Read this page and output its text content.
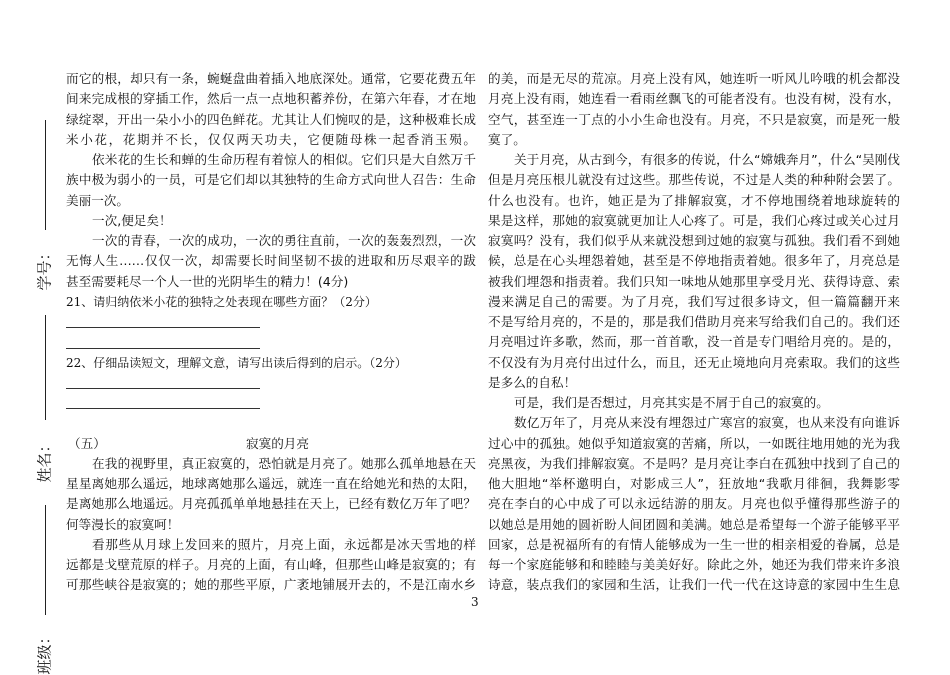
学号：
姓名：
班级：
而它的根，却只有一条，蜿蜒盘曲着插入地底深处。通常，它要花费五年
间来完成根的穿插工作，然后一点一点地积蓄养份，在第六年春，才在地
绿绽翠，开出一朵小小的四色鲜花。尤其让人们惋叹的是，这种极难长成
米小花，花期并不长，仅仅两天功夫，它便随母株一起香消玉殒。
依米花的生长和蝉的生命历程有着惊人的相似。它们只是大自然万千
族中极为弱小的一员，可是它们却以其独特的生命方式向世人召告：生命
美丽一次。
一次,便足矣！
一次的青春，一次的成功，一次的勇往直前，一次的轰轰烈烈，一次
无悔人生……仅仅一次，却需要长时间坚韧不拔的进取和历尽艰辛的跋
甚至需要耗尽一个人一世的光阴毕生的精力！(4分)
21、请归纳依米小花的独特之处表现在哪些方面？（2分）
22、仔细品读短文，理解文意，请写出读后得到的启示。（2分）
（五）	寂寞的月亮
在我的视野里，真正寂寞的，恐怕就是月亮了。她那么孤单地悬在天
星星离她那么遥远，地球离她那么遥远，就连一直在给她光和热的太阳，
是离她那么地遥远。月亮孤孤单单地悬挂在天上，已经有数亿万年了吧？
何等漫长的寂寞呵！
看那些从月球上发回来的照片，月亮上面，永远都是冰天雪地的样
远都是戈壁荒原的样子。月亮的上面，有山峰，但那些山峰是寂寞的；有
可那些峡谷是寂寞的；她的那些平原，广袤地铺展开去的，不是江南水乡
的美，而是无尽的荒凉。月亮上没有风，她连听一听风儿吟哦的机会都没
月亮上没有雨，她连看一看雨丝飘飞的可能者没有。也没有树，没有水，
空气，甚至连一丁点的小小生命也没有。月亮，不只是寂寞，而是死一般
寞了。
关于月亮，从古到今，有很多的传说，什么“嫦娥奔月”，什么“吴刚伐
但是月亮压根儿就没有过这些。那些传说，不过是人类的种种附会罢了。
什么也没有。也许，她正是为了排解寂寞，才不停地围绕着地球旋转的
果是这样，那她的寂寞就更加让人心疼了。可是，我们心疼过或关心过月
寂寞吗？没有，我们似乎从来就没想到过她的寂寞与孤独。我们看不到她
候，总是在心头埋怨着她，甚至是不停地指责着她。很多年了，月亮总是
被我们埋怨和指责着。我们只知一味地从她那里享受月光、获得诗意、索
漫来满足自己的需要。为了月亮，我们写过很多诗文，但一篇篇翻开来
不是写给月亮的，不是的，那是我们借助月亮来写给我们自己的。我们还
月亮唱过许多歌，然而，那一首首歌，没一首是专门唱给月亮的。是的，
不仅没有为月亮付出过什么，而且，还无止境地向月亮索取。我们的这些
是多么的自私！
可是，我们是否想过，月亮其实是不屑于自己的寂寞的。
数亿万年了，月亮从来没有埋怨过广寒宫的寂寞，也从来没有向谁诉
过心中的孤独。她似乎知道寂寞的苦痛，所以，一如既往地用她的光为我
亮黑夜，为我们排解寂寞。不是吗？是月亮让李白在孤独中找到了自己的
他大胆地“举杯邀明白，对影成三人”，狂放地“我歌月徘徊，我舞影零
亮在李白的心中成了可以永远结游的朋友。月亮也似乎懂得那些游子的
以她总是用她的圆祈盼人间团圆和美满。她总是希望每一个游子能够平平
回家，总是祝福所有的有情人能够成为一生一世的相亲相爱的眷属，总是
每一个家庭能够和和睦睦与美美好好。除此之外，她还为我们带来许多浪
诗意，装点我们的家园和生活，让我们一代一代在这诗意的家园中生生息
3
